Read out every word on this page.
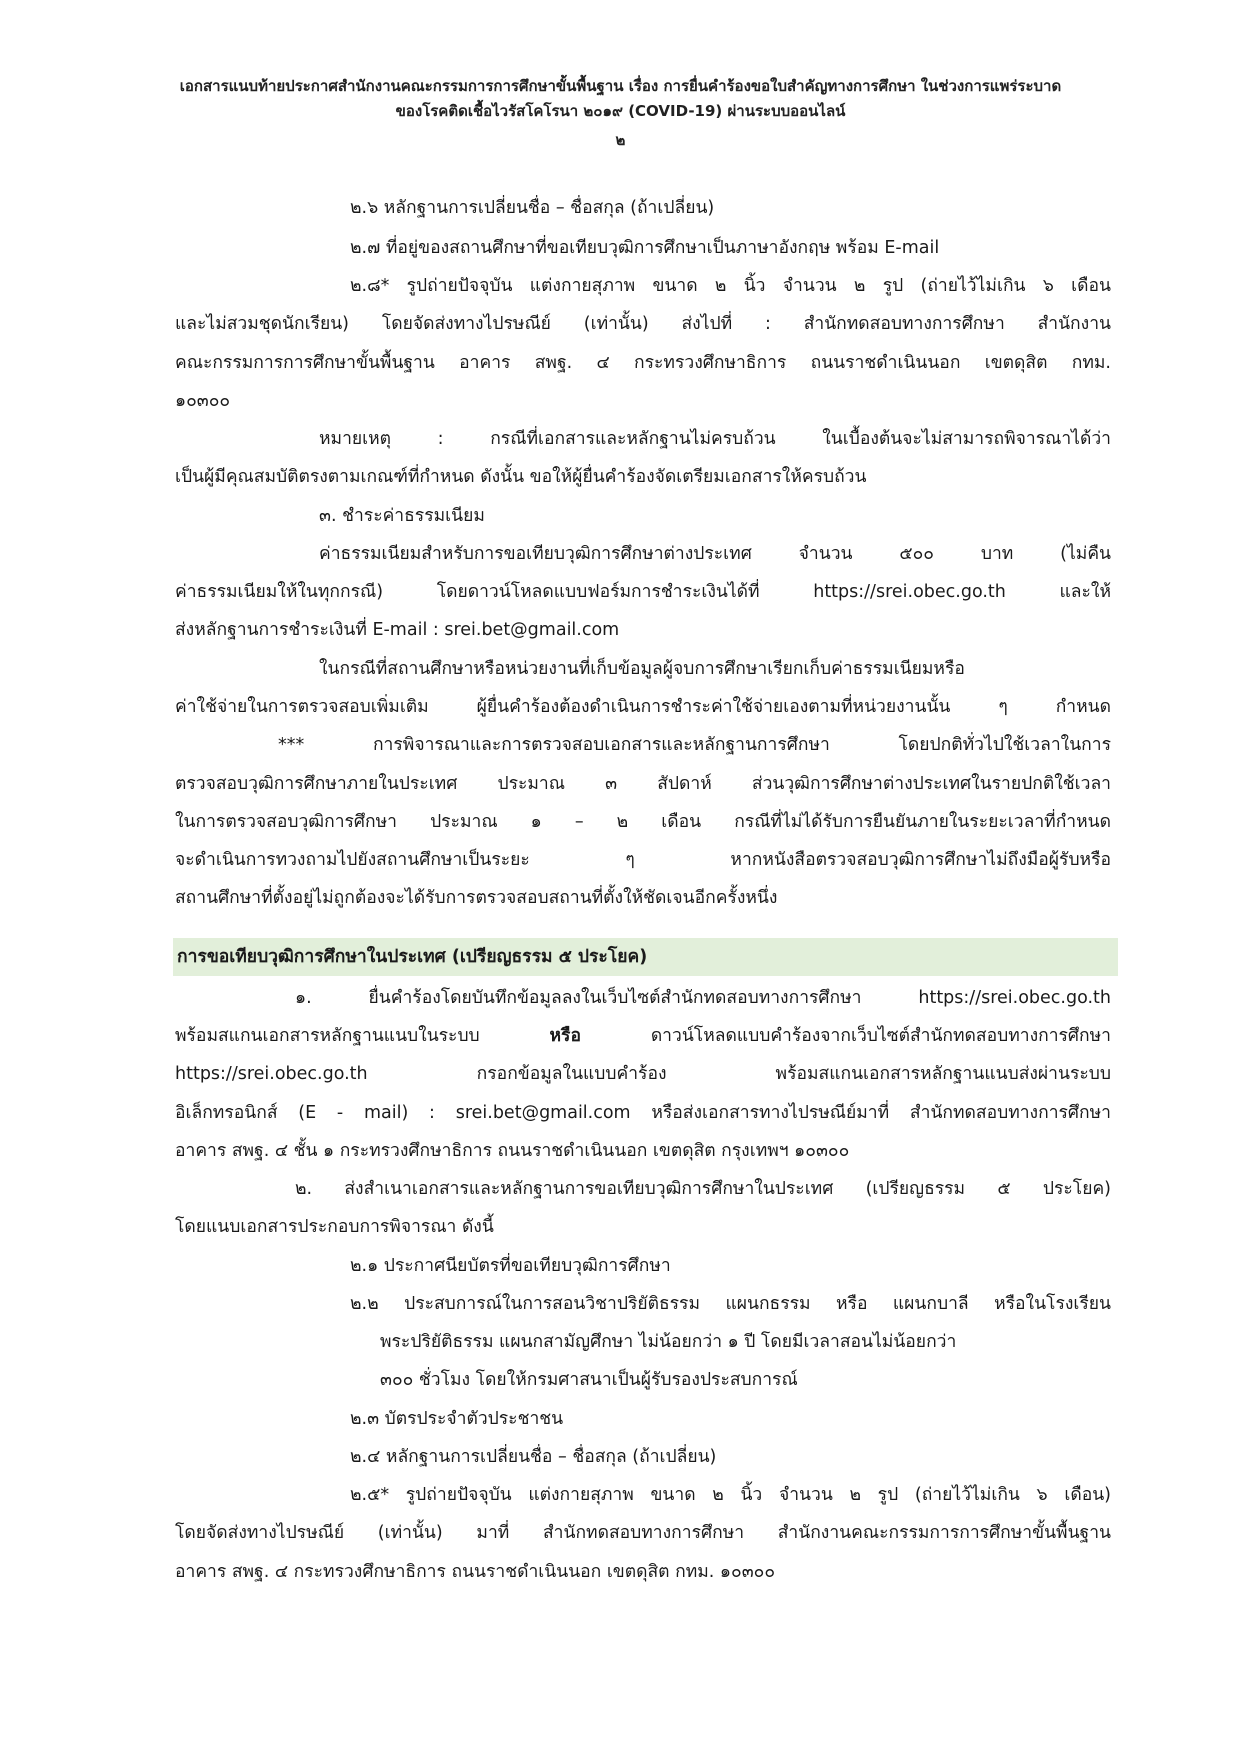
เอกสารแนบท้ายประกาศสำนักงานคณะกรรมการการศึกษาขั้นพื้นฐาน เรื่อง การยื่นคำร้องขอใบสำคัญทางการศึกษา ในช่วงการแพร่ระบาด
ของโรคติดเชื้อไวรัสโคโรนา ๒๐๑๙ (COVID-19) ผ่านระบบออนไลน์
๒
๒.๖ หลักฐานการเปลี่ยนชื่อ – ชื่อสกุล (ถ้าเปลี่ยน)
๒.๗ ที่อยู่ของสถานศึกษาที่ขอเทียบวุฒิการศึกษาเป็นภาษาอังกฤษ พร้อม E-mail
๒.๘* รูปถ่ายปัจจุบัน แต่งกายสุภาพ ขนาด ๒ นิ้ว จำนวน ๒ รูป (ถ่ายไว้ไม่เกิน ๖ เดือน
และไม่สวมชุดนักเรียน) โดยจัดส่งทางไปรษณีย์ (เท่านั้น) ส่งไปที่ : สำนักทดสอบทางการศึกษา สำนักงาน
คณะกรรมการการศึกษาขั้นพื้นฐาน อาคาร สพฐ. ๔ กระทรวงศึกษาธิการ ถนนราชดำเนินนอก เขตดุสิต กทม.
๑๐๓๐๐
หมายเหตุ : กรณีที่เอกสารและหลักฐานไม่ครบถ้วน ในเบื้องต้นจะไม่สามารถพิจารณาได้ว่า
เป็นผู้มีคุณสมบัติตรงตามเกณฑ์ที่กำหนด ดังนั้น ขอให้ผู้ยื่นคำร้องจัดเตรียมเอกสารให้ครบถ้วน
๓. ชำระค่าธรรมเนียม
ค่าธรรมเนียมสำหรับการขอเทียบวุฒิการศึกษาต่างประเทศ จำนวน ๕๐๐ บาท (ไม่คืน
ค่าธรรมเนียมให้ในทุกกรณี) โดยดาวน์โหลดแบบฟอร์มการชำระเงินได้ที่ https://srei.obec.go.th และให้
ส่งหลักฐานการชำระเงินที่ E-mail : srei.bet@gmail.com
ในกรณีที่สถานศึกษาหรือหน่วยงานที่เก็บข้อมูลผู้จบการศึกษาเรียกเก็บค่าธรรมเนียมหรือ
ค่าใช้จ่ายในการตรวจสอบเพิ่มเติม ผู้ยื่นคำร้องต้องดำเนินการชำระค่าใช้จ่ายเองตามที่หน่วยงานนั้น ๆ กำหนด
*** การพิจารณาและการตรวจสอบเอกสารและหลักฐานการศึกษา โดยปกติทั่วไปใช้เวลาในการ
ตรวจสอบวุฒิการศึกษาภายในประเทศ ประมาณ ๓ สัปดาห์ ส่วนวุฒิการศึกษาต่างประเทศในรายปกติใช้เวลา
ในการตรวจสอบวุฒิการศึกษา ประมาณ ๑ – ๒ เดือน กรณีที่ไม่ได้รับการยืนยันภายในระยะเวลาที่กำหนด
จะดำเนินการทวงถามไปยังสถานศึกษาเป็นระยะ ๆ หากหนังสือตรวจสอบวุฒิการศึกษาไม่ถึงมือผู้รับหรือ
สถานศึกษาที่ตั้งอยู่ไม่ถูกต้องจะได้รับการตรวจสอบสถานที่ตั้งให้ชัดเจนอีกครั้งหนึ่ง
การขอเทียบวุฒิการศึกษาในประเทศ (เปรียญธรรม ๕ ประโยค)
๑. ยื่นคำร้องโดยบันทึกข้อมูลลงในเว็บไซต์สำนักทดสอบทางการศึกษา https://srei.obec.go.th
พร้อมสแกนเอกสารหลักฐานแนบในระบบ หรือ ดาวน์โหลดแบบคำร้องจากเว็บไซต์สำนักทดสอบทางการศึกษา
https://srei.obec.go.th กรอกข้อมูลในแบบคำร้อง พร้อมสแกนเอกสารหลักฐานแนบส่งผ่านระบบ
อิเล็กทรอนิกส์ (E - mail) : srei.bet@gmail.com หรือส่งเอกสารทางไปรษณีย์มาที่ สำนักทดสอบทางการศึกษา
อาคาร สพฐ. ๔ ชั้น ๑ กระทรวงศึกษาธิการ ถนนราชดำเนินนอก เขตดุสิต กรุงเทพฯ ๑๐๓๐๐
๒. ส่งสำเนาเอกสารและหลักฐานการขอเทียบวุฒิการศึกษาในประเทศ (เปรียญธรรม ๕ ประโยค)
โดยแนบเอกสารประกอบการพิจารณา ดังนี้
๒.๑ ประกาศนียบัตรที่ขอเทียบวุฒิการศึกษา
๒.๒ ประสบการณ์ในการสอนวิชาปริยัติธรรม แผนกธรรม หรือ แผนกบาลี หรือในโรงเรียน
พระปริยัติธรรม แผนกสามัญศึกษา ไม่น้อยกว่า ๑ ปี โดยมีเวลาสอนไม่น้อยกว่า
๓๐๐ ชั่วโมง โดยให้กรมศาสนาเป็นผู้รับรองประสบการณ์
๒.๓ บัตรประจำตัวประชาชน
๒.๔ หลักฐานการเปลี่ยนชื่อ – ชื่อสกุล (ถ้าเปลี่ยน)
๒.๕* รูปถ่ายปัจจุบัน แต่งกายสุภาพ ขนาด ๒ นิ้ว จำนวน ๒ รูป (ถ่ายไว้ไม่เกิน ๖ เดือน)
โดยจัดส่งทางไปรษณีย์ (เท่านั้น) มาที่ สำนักทดสอบทางการศึกษา สำนักงานคณะกรรมการการศึกษาขั้นพื้นฐาน
อาคาร สพฐ. ๔ กระทรวงศึกษาธิการ ถนนราชดำเนินนอก เขตดุสิต กทม. ๑๐๓๐๐
